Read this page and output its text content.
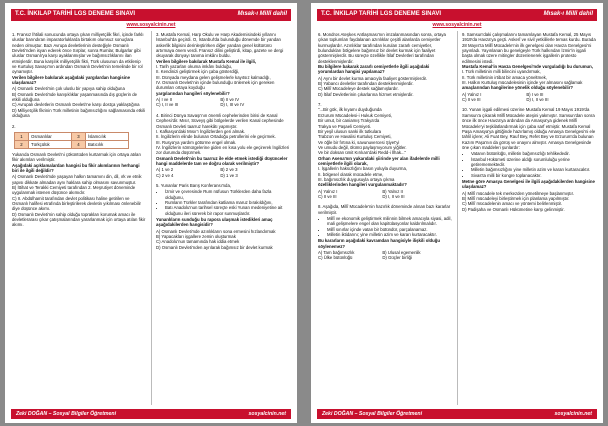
T.C. İNKILAP TARİHİ LGS DENEME SINAVI	Mısak-ı Millî dahil
www.sosyalcinin.net
1. Fransız İhtilali sonucunda ortaya çıkan milliyetçilik fikri, içinde farklı uluslar barındıran imparatorluklarda birtakım olumsuz sonuçlara neden olmuştur. Bazı Avrupa devletlerinin desteğiyle Osmanlı Devleti'nden isyan ederek önce Sırplar, sonra Rumlar, Bulgarlar gibi uluslar Osmanlı'ya karşı ayaklanmışlar ve bağımsızlıklarını ilan etmişlerdir. Buna karşılık milliyetçilik fikri, Türk ulusunun da etkilenip ve Kurtuluş Savaşı'nın ardından Osmanlı Devleti'nin temelinde bir rol oynamıştır.
Verilen bilgilere bakılarak aşağıdaki yargılardan hangisine ulaşılamaz?
A) Osmanlı Devleti'nin çok uluslu bir yapıya sahip olduğuna
B) Osmanlı Devleti'nde karışıklıklar yaşanmasında dış güçlerin de etkili olduğuna
C) Avrupalı devletlerin Osmanlı Devleti'ne karşı dostça yaklaştığına
D) Milliyetçilik fikrinin Türk milletinin bağımsızlığını sağlamasında etkili olduğuna
2.
1	Osmanlılar	3	İslamcılık
2	Türkçülük	4	Batıcılık
Yukarıda Osmanlı Devleti'ni çöküntüden kurtarmak için ortaya atılan fikir akımları verilmiştir.
Aşağıdaki açıklamalardan hangisi bu fikir akımlarının herhangi biri ile ilgili değildir?
A) Osmanlı Devleti'nde yaşayan halkın tamamını din, dil, ırk ve etnik yapısı dikkate almadan aynı haklara sahip olmasını savunmuştur.
B) İttihat ve Terakki Cemiyeti tarafından 2. Meşrutiyet döneminde uygulanmak istenen düşünce akımıdır.
C) II. Abdülhamit tarafından devlet politikası haline getirilen ve Osmanlı halifesi etrafında birleştirilerek devletin yıkılması önlenebilir diye düşünce akımı.
D) Osmanlı Devleti'nin sahip olduğu toprakları korumak amacı ile devletlerarası çıkar çatışmalarından yararlanmak için ortaya atılan fikir akımı.
3. Mustafa Kemal, Harp Okulu ve Harp Akademisindeki yıllarını İstanbul'da geçirdi. O, İstanbul'da bulunduğu dönemde bir yandan askerlik bilgisini derinleştirirken diğer yandan genel kültürünü artırmaya önem verdi. Fransız dilini geliştirdi, kitap, gazete ve dergi okuyarak dünyayı tanıma imkânı buldu.
Verilen bilgilere bakılarak Mustafa Kemal ile ilgili,
I. Tarih yazarları okuma imkânı bulduğu,
II. Kendinizi geliştirmek için çaba gösterdiği,
III. Dünyada meydana gelen gelişmelerle kayıtsız kalmadığı,
IV. Osmanlı Devleti'nin içinde bulunduğu önlemek için gereken durumları ortaya koyduğu
yargılarından hangileri söylenebilir?
A) I ve II	B) II ve IV C) I, II ve III	D) I, III ve IV
4. Birinci Dünya Savaşı'nın önemli cephelerinden birisi de Kanal Cephesi'dir. Mısır, Süveyş gibi bölgelerde verilen Kanal cephesinde Osmanlı Devleti taarruz harekâtı yapmıştır.
I. Kafkasya'daki Mısır'ı İngilizlerden geri almak.
II. İngilizlerin elinde bulunan Ortadoğu petrollerini ele geçirmek.
III. Rusya'ya yardım götürme engel olmak.
IV. İngilizlerin sömürgelerine giden en kısa yolu ele geçirerek İngilizleri zor durumda düşürmek.
Osmanlı Devleti'nin bu taarruz ile elde etmek istediği düşünceler hangi maddelerde tam ve doğru olarak verilmiştir?
A) 1 ve 2	B) 2 ve 3 C) 2 ve 4	D) 1 ve 3
5. Yunanlar Paris Barış Konferansı'nda,
• İzmir ve çevresinde Rum nüfusun Türklerden daha fazla olduğunu,
• Rumların Türkler tarafından katliama maruz bırakıldığını,
• Batı Anadolu'nun tarihsel süreçte eski Yunan medeniyetine ait olduğunu ileri sürerek bir rapor sunmuşlardır.
Yunanlıların sunduğu bu rapora ulaşmak istedikleri amaç aşağıdakilerden hangisidir?
A) Osmanlı Devleti'nde azınlıkların sona ermesini hızlandırmak
B) Yapacakları işgallere zemin oluşturmak
C) Anadolu'nun tamamında hak iddia etmek
D) Osmanlı Devleti'nden ayrılarak bağımsız bir devlet kurmak
Zeki DOĞAN – Sosyal Bilgiler Öğretmeni	sosyalcinin.net
T.C. İNKILAP TARİHİ LGS DENEME SINAVI	Mısak-ı Millî dahil
www.sosyalcinin.net
6. Mondros Ateşkes Antlaşması'nın imzalanmasından sonra, ortaya çıkan toplumları faydalanan azınlıklar çeşitli alanlarda cemiyetler kurmuşlardır. Azınlıklar tarafından kurulan zararlı cemiyetler, bulundukları bölgelere bağımsız bir devlet kurmak için faaliyet göstermişlerdir. Bu süreçte özellikle İtilaf Devletleri tarafından desteklenmişlerdir.
Bu bilgilere bakarak zararlı cemiyetlerle ilgili aşağıdaki yorumlardan hangisi yapılamaz?
A) Aynı bir devlet kurma amacıyla faaliyet göstermişlerdir.
B) Yabancı devletler tarafından desteklenmişlerdir.
C) Millî Mücadeleye destek sağlamışlardır.
D) İtilaf Devletlerinin çıkarlarına hizmet etmişlerdir.
7.
"...Bir gök, ilk kıyamı duyduğunda
Erzurum Mücadelesi-i Hukuk Cemiyeti,
Bir umut, bir caniamış Trakya'da
Trakya ve Paşaeli Cemiyeti.
Bir yeşil ulusun sanki ilk tutkulara
Trabzon ve Havalisi Kurtuluş Cemiyeti,
Ve öğle bir fırtına ki, savunuvercesi Şiyet'yi
Ve umudu değil, ölümü paylaşmıyorum yiğitler.
Ve bir doksan ümit Kırılıan'daki Redd-i İlhak..."
Orhan Asena'nın yukarıdaki şiirinde yer alan ifadelerde milli cemiyetlerle ilgili olarak,
I. İşgallerin haksızlığını basın yoluyla duyurma,
II. bölgesel olarak mücadele etme,
III. bağımsızlık duygusuyla ortaya çıkma
özelliklerinden hangileri vurgulanmaktadır?
A) Yalnız I	B) Yalnız II C) II ve III	D) I, II ve III
8. Aşağıda, Millî Mücadele'nin hazırlık döneminde alınan bazı kararlar verilmiştir.
• Millî ve ekonomik geliştirmek milinnin bilmek amacıyla siyasi, adil, mali gelişmelere engel olan kapitülasyonlar kaldırılmalıdır.
• Millî sınırlar içinde vatan bir bütündür, parçalanamaz.
• Milletin iktidarını; yine milletin azim ve kararı kurtaracaktır.
Bu kararların aşağıdaki kavramdan hangisiyle ilişkili olduğu söylenemez?
A) Tam bağımsızlık	B) Ulusal egemenlik C) Ülke bütünlüğü	D) Güçler birliği
9. Samsun'daki çalışmalarını tamamlayan Mustafa Kemal, 25 Mayıs 1919'da Havza'ya geçti. Askerî ve sivil yetkililerle temas kurdu. Burada 28 Mayıs'ta Millî Mücadele'nin ilk genelgesi olan Havza Genelgesi'ni yayınladı. Yayınlanan bu genelgeyle Türk halkından İzmir'in işgali başta olmak üzere mitingler düzenlenerek işgallerin protesto edilmesini istedi.
Mustafa Kemal'in Havza Genelgesi'nde vurguladığı bu durumun,
I. Türk milletinin milli bilincini uyandırmak,
II. Türk milletinin irtibat bir amaca yöneltmek,
III. Halkın Kurtuluş mücadelesinin içinde yer almasını sağlamak
amaçlarından hangilerine yönelik olduğu söylenebilir?
A) Yalnız I	B) I ve III C) II ve III	D) I, II ve III
10. Yunan işgali edilmesi üzerine Mustafa Kemal 19 Mayıs 1919'da Samsun'a çıkarak Millî Mücadele ateşini yakmıştır. Samsun'dan sonra önce ilk önce Havza'ya ardından da Amasya'ya gidenek Millî Mücadele'yi teşkilatlandırmak için çaba sarf etmiştir. Mustafa Kemal Paşa Amasya'ya gittiğinde hazırlamış olduğu Amasya Genelgesi'ni ele tahlil içlere; Ali Fuat Bey, Rauf Bey, Refet Bey ve Erzurum'da bulunan Kazım Paşa'nın da görüş ve onayını almıştır. Amasya Genelgesinde öne çıkan maddeleri şunlardır:
• Vatanın bütünlüğü, milletin bağımsızlığı tehlikededir.
• İstanbul Hükümeti üzerine aldığı sorumluluğu yerine getirememektedir.
• Milletin bağımsızlığını yine milletin azim ve kararı kurtaracaktır.
• Sivas'ta milli bir kongre toplanacaktır.
Metne göre Amasya Genelgesi ile ilgili aşağıdakilerden hangisine ulaşılamaz?
A) Millî mücadele tek merkezden yönetilmeye başlanmıştır.
B) Millî mücadeleyi birleştirmek için planlama yapılmıştır.
C) Millî mücadelenin amacı ve yöntemi belirlenmiştir.
D) Padişaha ve Osmanlı Hükümetine karşı gelinmiştir.
Zeki DOĞAN – Sosyal Bilgiler Öğretmeni	sosyalcinin.net
